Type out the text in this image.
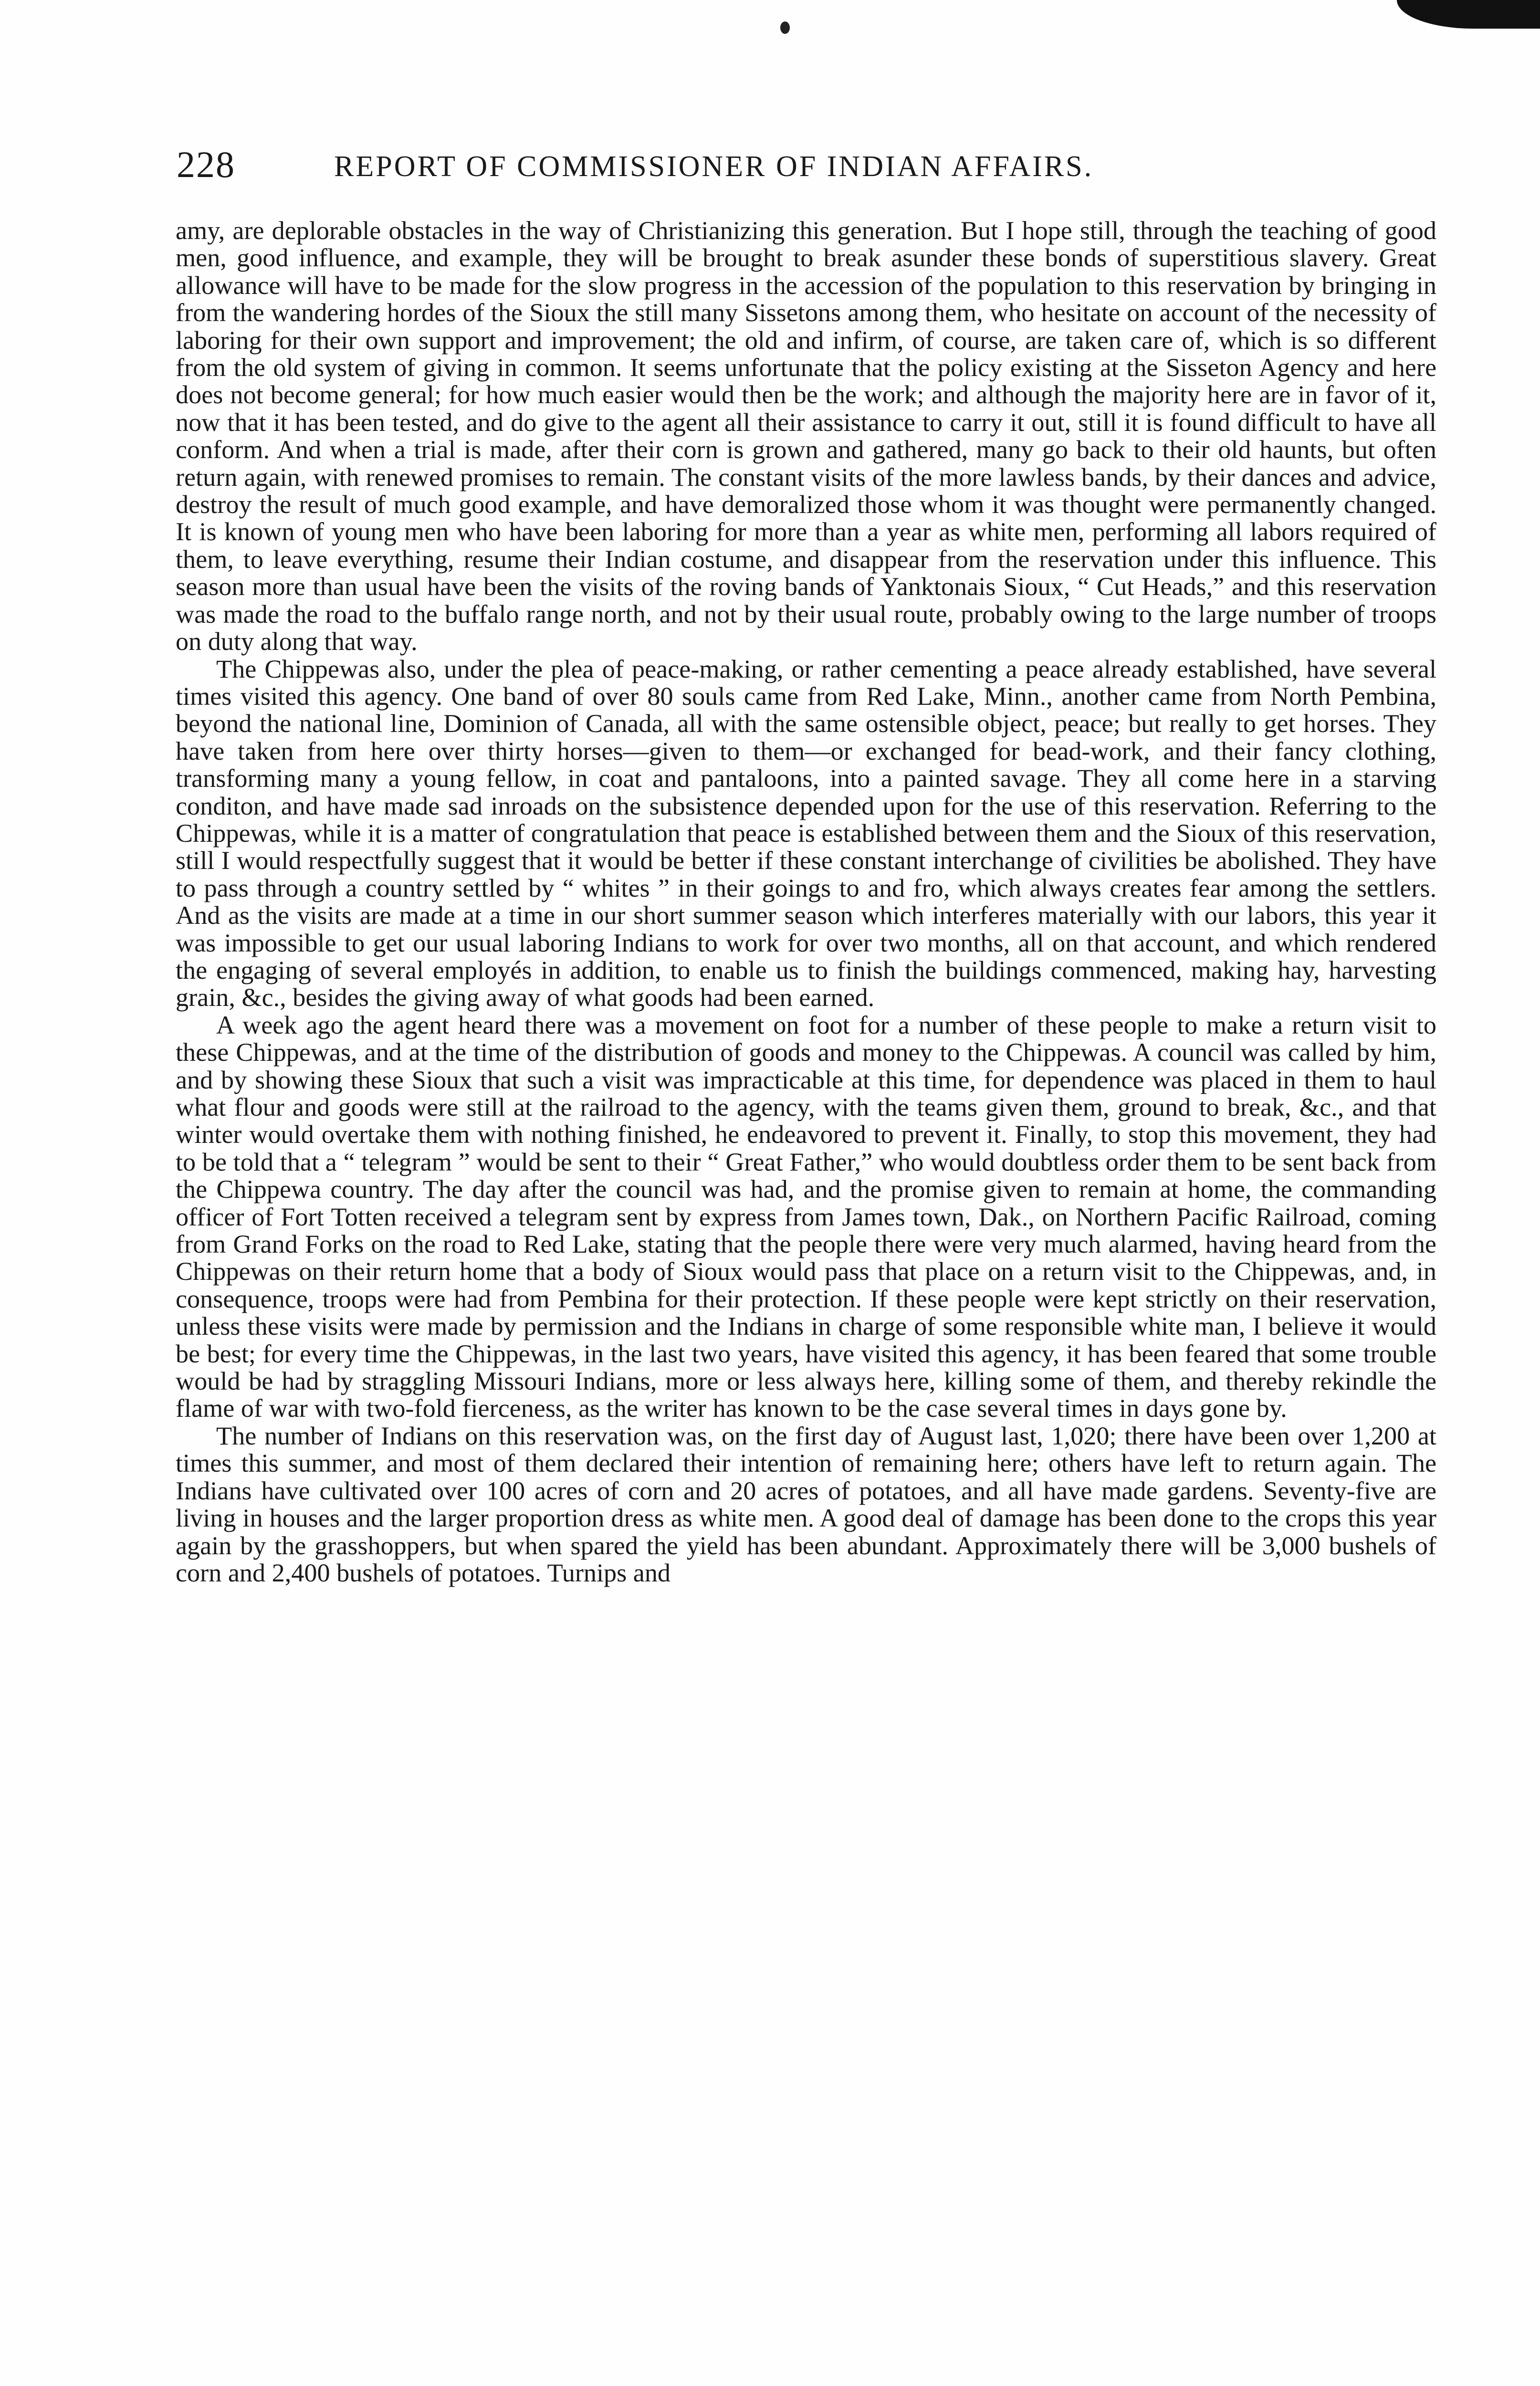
228	REPORT OF COMMISSIONER OF INDIAN AFFAIRS.

amy, are deplorable obstacles in the way of Christianizing this generation. But I hope still, through the teaching of good men, good influence, and example, they will be brought to break asunder these bonds of superstitious slavery. Great allowance will have to be made for the slow progress in the accession of the population to this reservation by bringing in from the wandering hordes of the Sioux the still many Sissetons among them, who hesitate on account of the necessity of laboring for their own support and improvement; the old and infirm, of course, are taken care of, which is so different from the old system of giving in common. It seems unfortunate that the policy existing at the Sisseton Agency and here does not become general; for how much easier would then be the work; and although the majority here are in favor of it, now that it has been tested, and do give to the agent all their assistance to carry it out, still it is found difficult to have all conform. And when a trial is made, after their corn is grown and gathered, many go back to their old haunts, but often return again, with renewed promises to remain. The constant visits of the more lawless bands, by their dances and advice, destroy the result of much good example, and have demoralized those whom it was thought were permanently changed. It is known of young men who have been laboring for more than a year as white men, performing all labors required of them, to leave everything, resume their Indian costume, and disappear from the reservation under this influence. This season more than usual have been the visits of the roving bands of Yanktonais Sioux, “ Cut Heads,” and this reservation was made the road to the buffalo range north, and not by their usual route, probably owing to the large number of troops on duty along that way.

The Chippewas also, under the plea of peace-making, or rather cementing a peace already established, have several times visited this agency. One band of over 80 souls came from Red Lake, Minn., another came from North Pembina, beyond the national line, Dominion of Canada, all with the same ostensible object, peace; but really to get horses. They have taken from here over thirty horses—given to them—or exchanged for bead-work, and their fancy clothing, transforming many a young fellow, in coat and pantaloons, into a painted savage. They all come here in a starving conditon, and have made sad inroads on the subsistence depended upon for the use of this reservation. Referring to the Chippewas, while it is a matter of congratulation that peace is established between them and the Sioux of this reservation, still I would respectfully suggest that it would be better if these constant interchange of civilities be abolished. They have to pass through a country settled by “ whites ” in their goings to and fro, which always creates fear among the settlers. And as the visits are made at a time in our short summer season which interferes materially with our labors, this year it was impossible to get our usual laboring Indians to work for over two months, all on that account, and which rendered the engaging of several employés in addition, to enable us to finish the buildings commenced, making hay, harvesting grain, &c., besides the giving away of what goods had been earned.

A week ago the agent heard there was a movement on foot for a number of these people to make a return visit to these Chippewas, and at the time of the distribution of goods and money to the Chippewas. A council was called by him, and by showing these Sioux that such a visit was impracticable at this time, for dependence was placed in them to haul what flour and goods were still at the railroad to the agency, with the teams given them, ground to break, &c., and that winter would overtake them with nothing finished, he endeavored to prevent it. Finally, to stop this movement, they had to be told that a “ telegram ” would be sent to their “ Great Father,” who would doubtless order them to be sent back from the Chippewa country. The day after the council was had, and the promise given to remain at home, the commanding officer of Fort Totten received a telegram sent by express from James town, Dak., on Northern Pacific Railroad, coming from Grand Forks on the road to Red Lake, stating that the people there were very much alarmed, having heard from the Chippewas on their return home that a body of Sioux would pass that place on a return visit to the Chippewas, and, in consequence, troops were had from Pembina for their protection. If these people were kept strictly on their reservation, unless these visits were made by permission and the Indians in charge of some responsible white man, I believe it would be best; for every time the Chippewas, in the last two years, have visited this agency, it has been feared that some trouble would be had by straggling Missouri Indians, more or less always here, killing some of them, and thereby rekindle the flame of war with two-fold fierceness, as the writer has known to be the case several times in days gone by.

The number of Indians on this reservation was, on the first day of August last, 1,020; there have been over 1,200 at times this summer, and most of them declared their intention of remaining here; others have left to return again. The Indians have cultivated over 100 acres of corn and 20 acres of potatoes, and all have made gardens. Seventy-five are living in houses and the larger proportion dress as white men. A good deal of damage has been done to the crops this year again by the grasshoppers, but when spared the yield has been abundant. Approximately there will be 3,000 bushels of corn and 2,400 bushels of potatoes. Turnips and
